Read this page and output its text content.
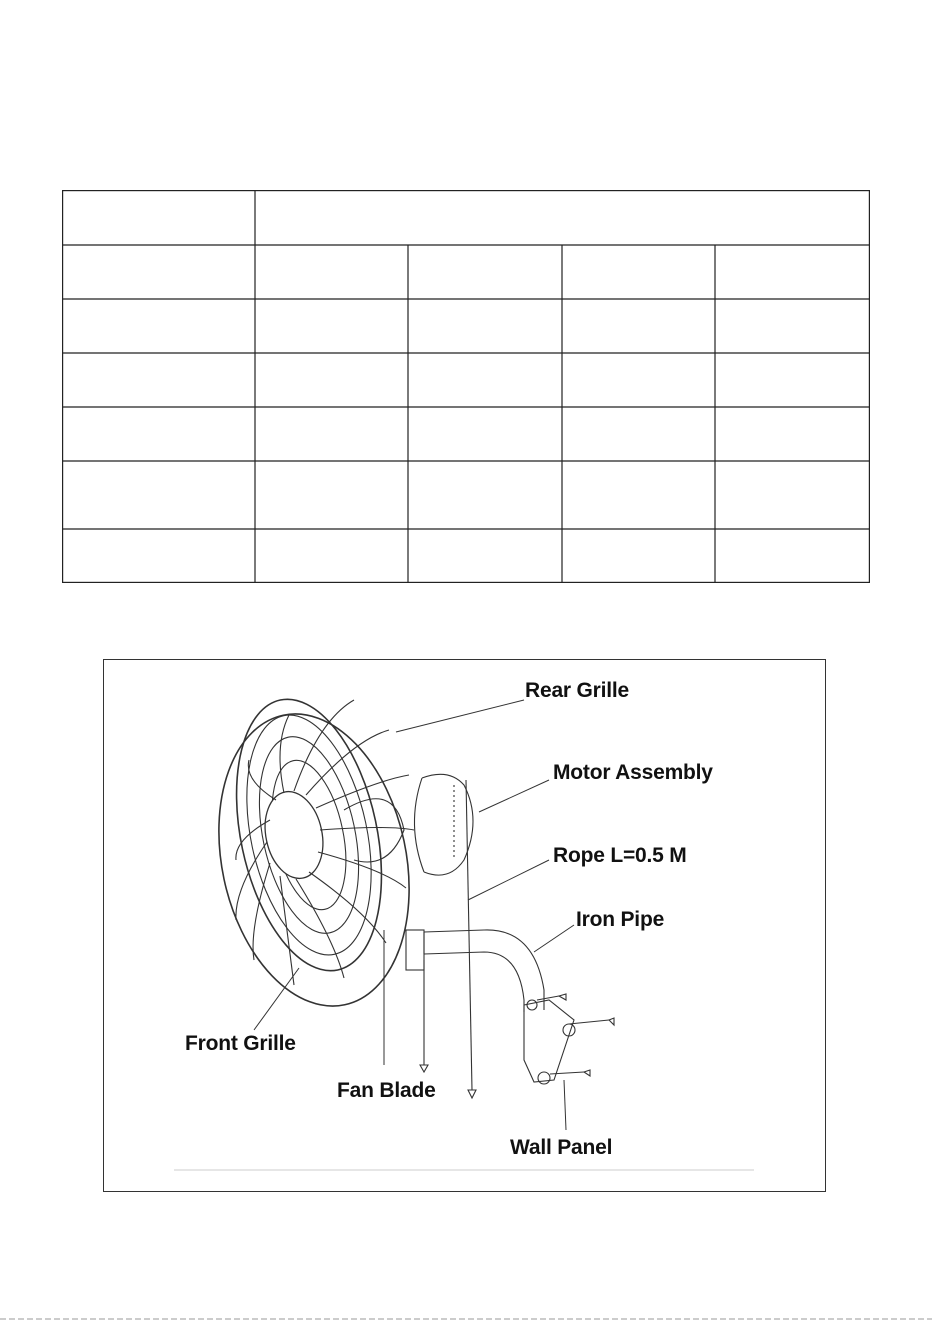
Rear Grille
Motor Assembly
Rope L=0.5 M
Iron Pipe
Front Grille
Fan Blade
Wall Panel
